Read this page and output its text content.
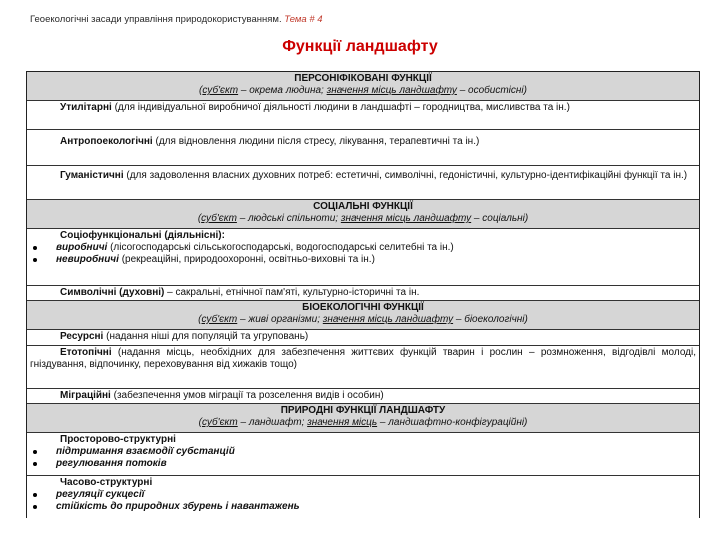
Геоекологічні засади управління природокористуванням. Тема # 4
Функції ландшафту
ПЕРСОНІФІКОВАНІ ФУНКЦІЇ
(суб'єкт – окрема людина; значення місць ландшафту – особистісні)
Утилітарні (для індивідуальної виробничої діяльності людини в ландшафті – городництва, мисливства та ін.)
Антропоекологічні (для відновлення людини після стресу, лікування, терапевтичні та ін.)
Гуманістичні (для задоволення власних духовних потреб: естетичні, символічні, гедоністичні, культурно-ідентифікаційні функції та ін.)
СОЦІАЛЬНІ ФУНКЦІЇ
(суб'єкт – людські спільноти; значення місць ландшафту – соціальні)
Соціофункціональні (діяльнісні):
виробничі (лісогосподарські сільськогосподарські, водогосподарські селитебні та ін.)
невиробничі (рекреаційні, природоохоронні, освітньо-виховні та ін.)
Символічні (духовні) – сакральні, етнічної пам'яті, культурно-історичні та ін.
БІОЕКОЛОГІЧНІ ФУНКЦІЇ
(суб'єкт – живі організми; значення місць ландшафту – біоекологічні)
Ресурсні (надання ніші для популяцій та угруповань)
Етотопічні (надання місць, необхідних для забезпечення життєвих функцій тварин і рослин – розмноження, відгодівлі молоді, гніздування, відпочинку, переховування від хижаків тощо)
Міграційні (забезпечення умов міграції та розселення видів і особин)
ПРИРОДНІ ФУНКЦІЇ ЛАНДШАФТУ
(суб'єкт – ландшафт; значення місць – ландшафтно-конфігураційні)
Просторово-структурні
підтримання взаємодії субстанцій
регулювання потоків
Часово-структурні
регуляції сукцесії
стійкість до природних збурень і навантажень
